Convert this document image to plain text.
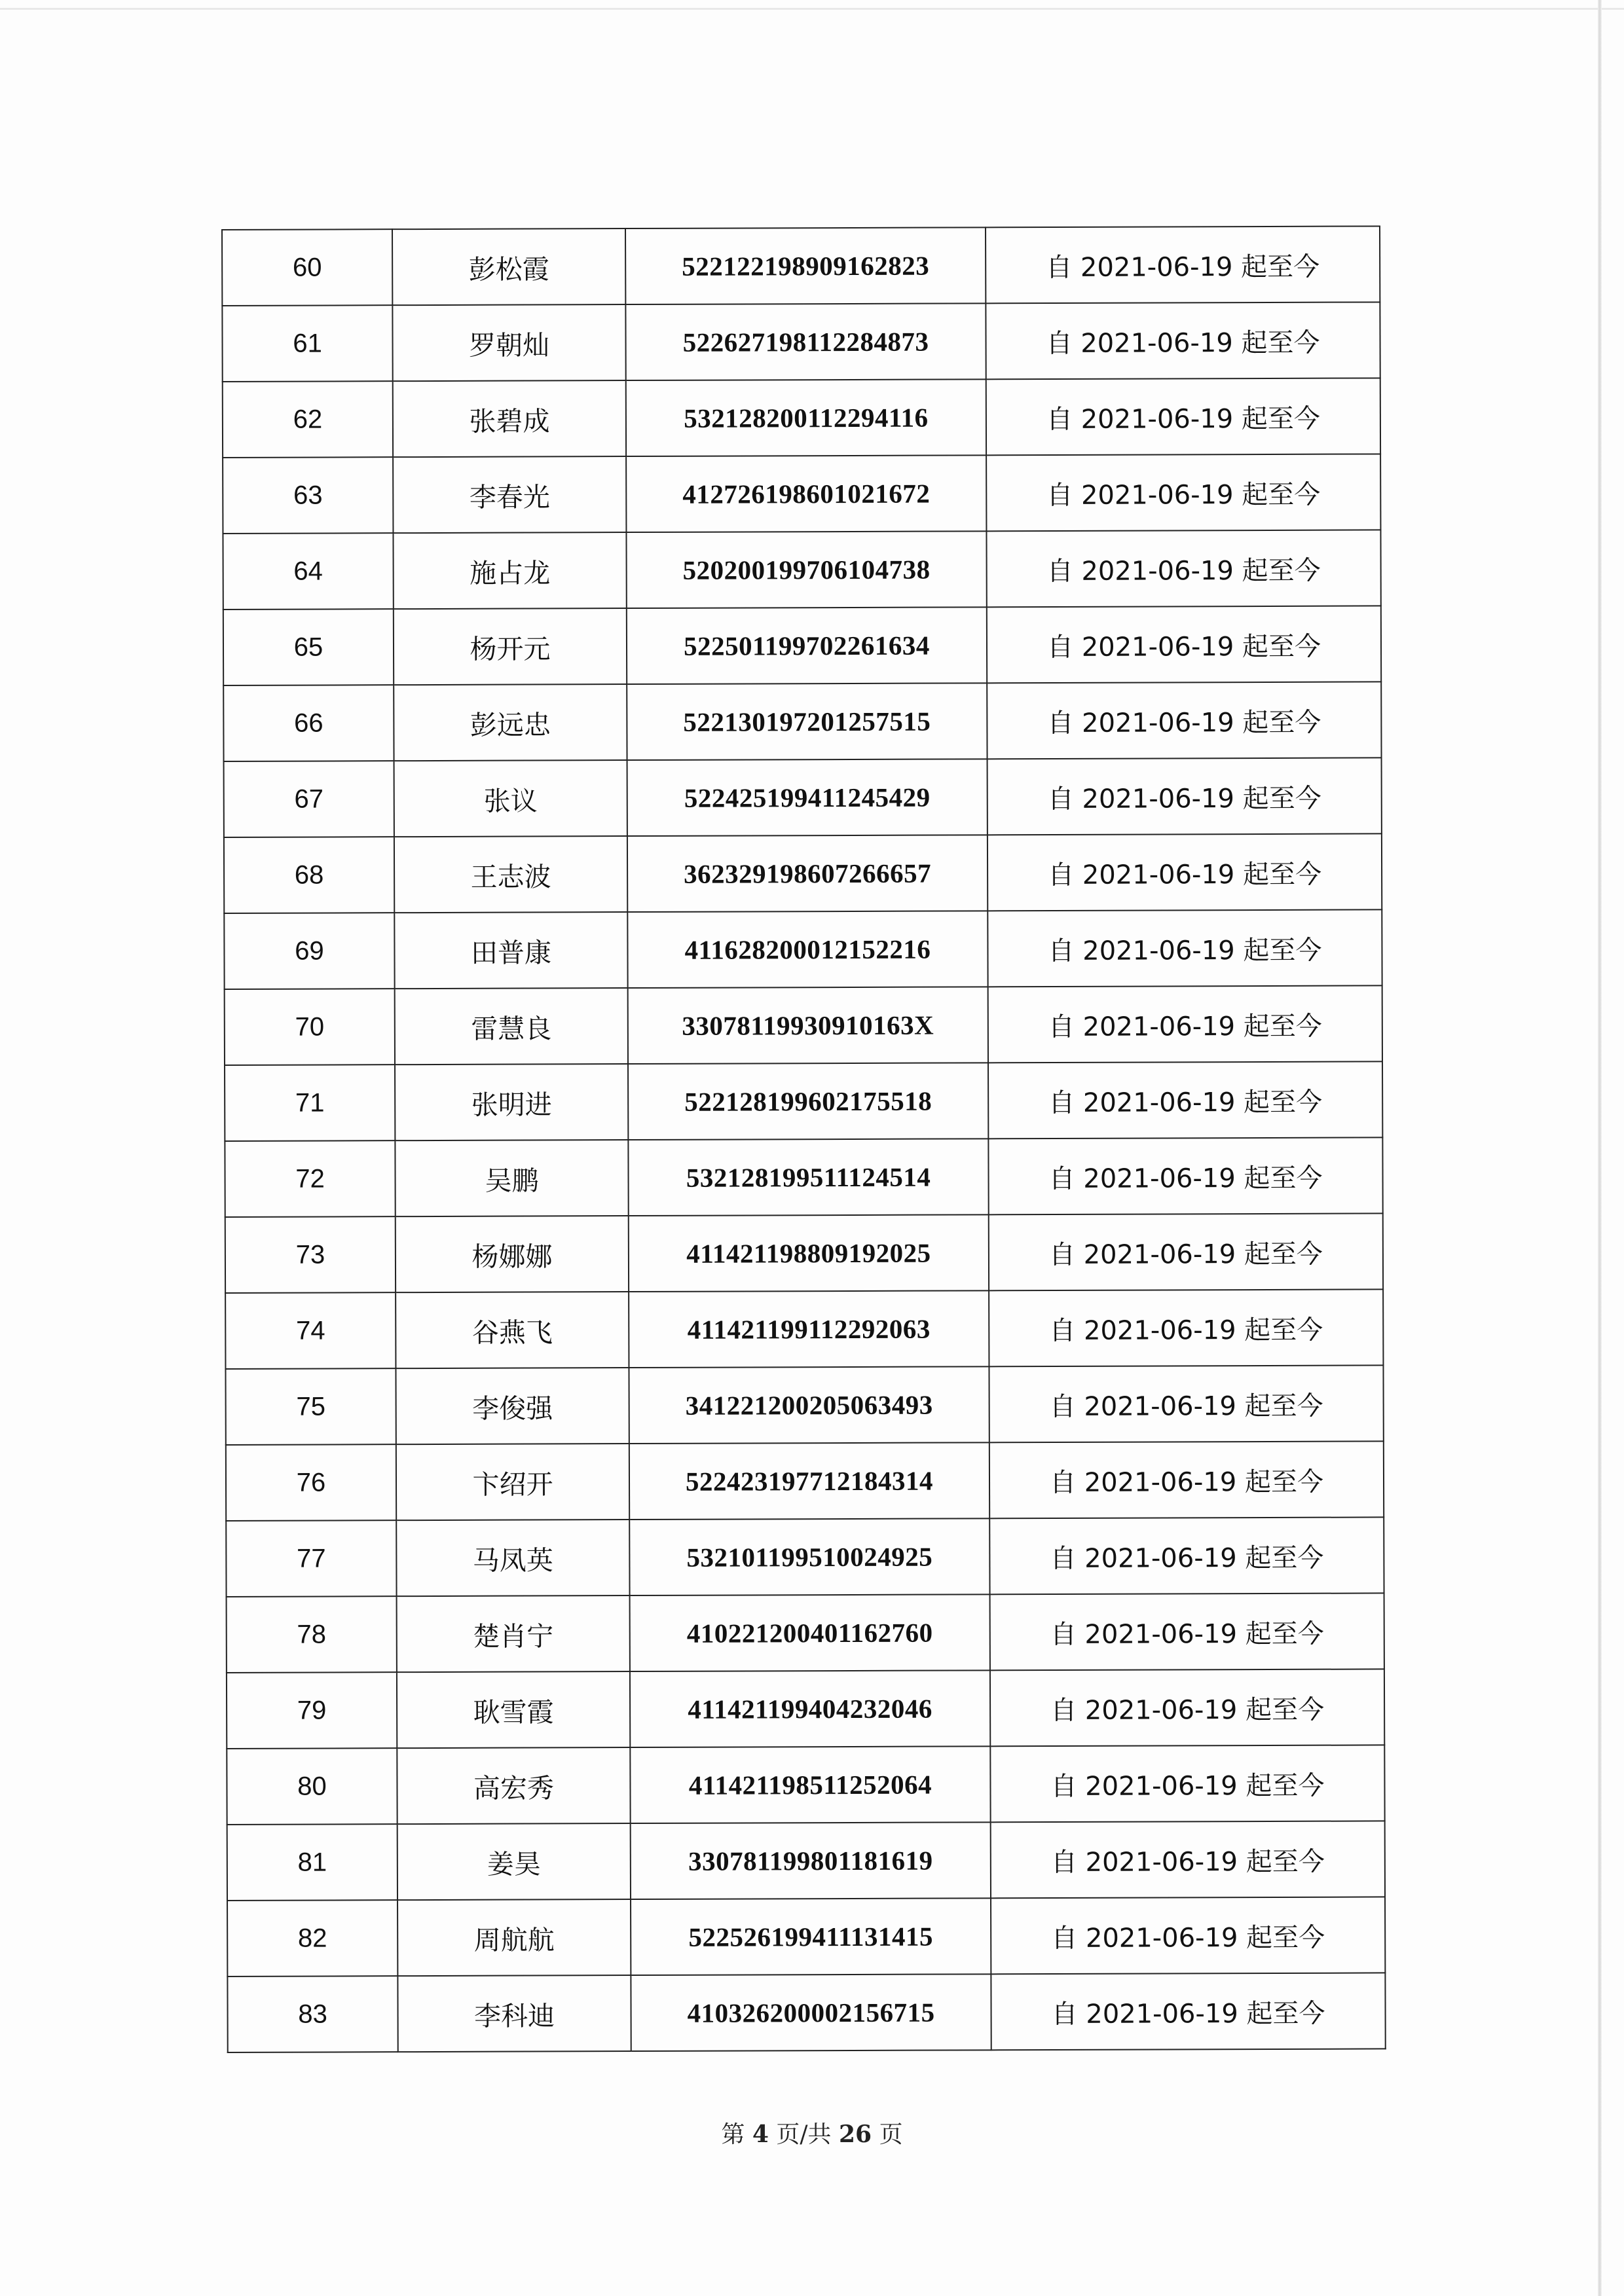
60	彭松霞	522122198909162823	自 2021-06-19 起至今
61	罗朝灿	522627198112284873	自 2021-06-19 起至今
62	张碧成	532128200112294116	自 2021-06-19 起至今
63	李春光	412726198601021672	自 2021-06-19 起至今
64	施占龙	520200199706104738	自 2021-06-19 起至今
65	杨开元	522501199702261634	自 2021-06-19 起至今
66	彭远忠	522130197201257515	自 2021-06-19 起至今
67	张议	522425199411245429	自 2021-06-19 起至今
68	王志波	362329198607266657	自 2021-06-19 起至今
69	田普康	411628200012152216	自 2021-06-19 起至今
70	雷慧良	33078119930910163X	自 2021-06-19 起至今
71	张明进	522128199602175518	自 2021-06-19 起至今
72	吴鹏	532128199511124514	自 2021-06-19 起至今
73	杨娜娜	411421198809192025	自 2021-06-19 起至今
74	谷燕飞	411421199112292063	自 2021-06-19 起至今
75	李俊强	341221200205063493	自 2021-06-19 起至今
76	卞绍开	522423197712184314	自 2021-06-19 起至今
77	马凤英	532101199510024925	自 2021-06-19 起至今
78	楚肖宁	410221200401162760	自 2021-06-19 起至今
79	耿雪霞	411421199404232046	自 2021-06-19 起至今
80	高宏秀	411421198511252064	自 2021-06-19 起至今
81	姜昊	330781199801181619	自 2021-06-19 起至今
82	周航航	522526199411131415	自 2021-06-19 起至今
83	李科迪	410326200002156715	自 2021-06-19 起至今
第 4 页/共 26 页
